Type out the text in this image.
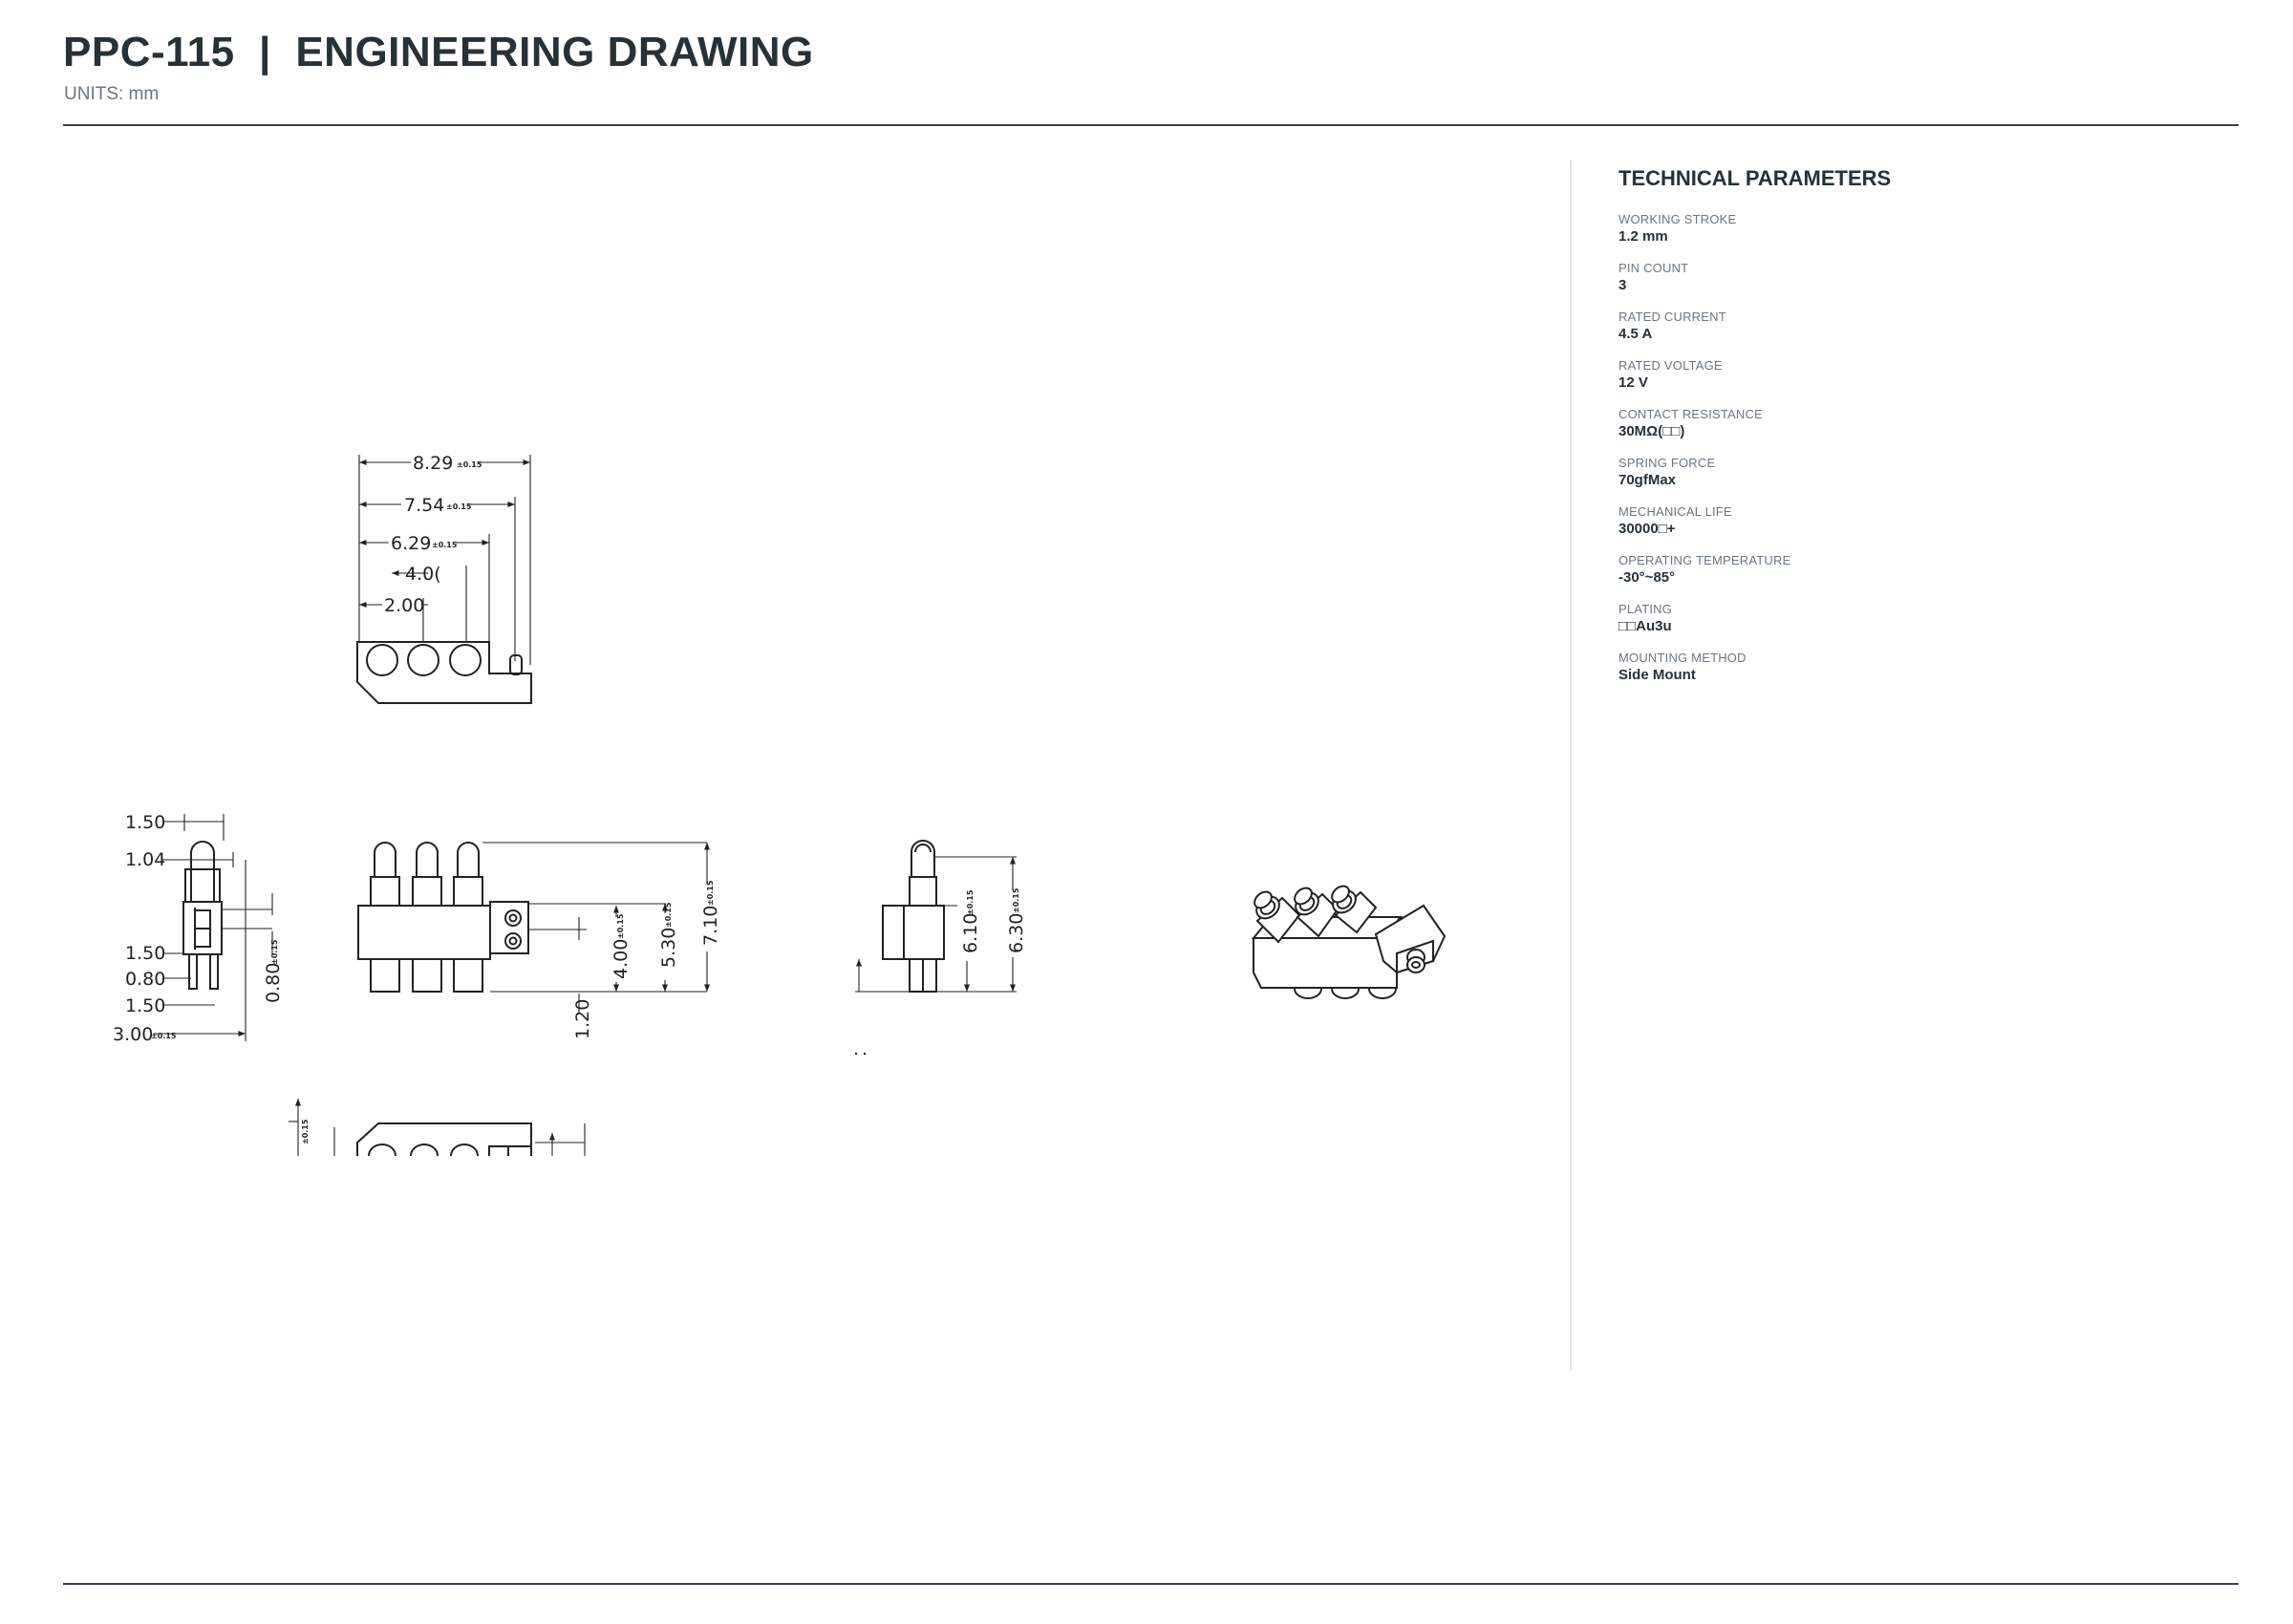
PPC-115  |  ENGINEERING DRAWING
UNITS: mm
8.29 ±0.15
7.54 ±0.15
6.29 ±0.15
4.0(
2.00
1.50
1.04
1.50
0.80
1.50
3.00
±0.15
0.80
±0.15	4.00
±0.15
5.30
±0.15 7.10
±0.15
1.20
6.10
±0.15
6.30
±0.15
±0.15
TECHNICAL PARAMETERS
WORKING STROKE
1.2 mm
PIN COUNT
3
RATED CURRENT
4.5 A
RATED VOLTAGE
12 V
CONTACT RESISTANCE
30MΩ(□□)
SPRING FORCE
70gfMax
MECHANICAL LIFE
30000□+
OPERATING TEMPERATURE
-30°~85°
PLATING
□□Au3u
MOUNTING METHOD
Side Mount
